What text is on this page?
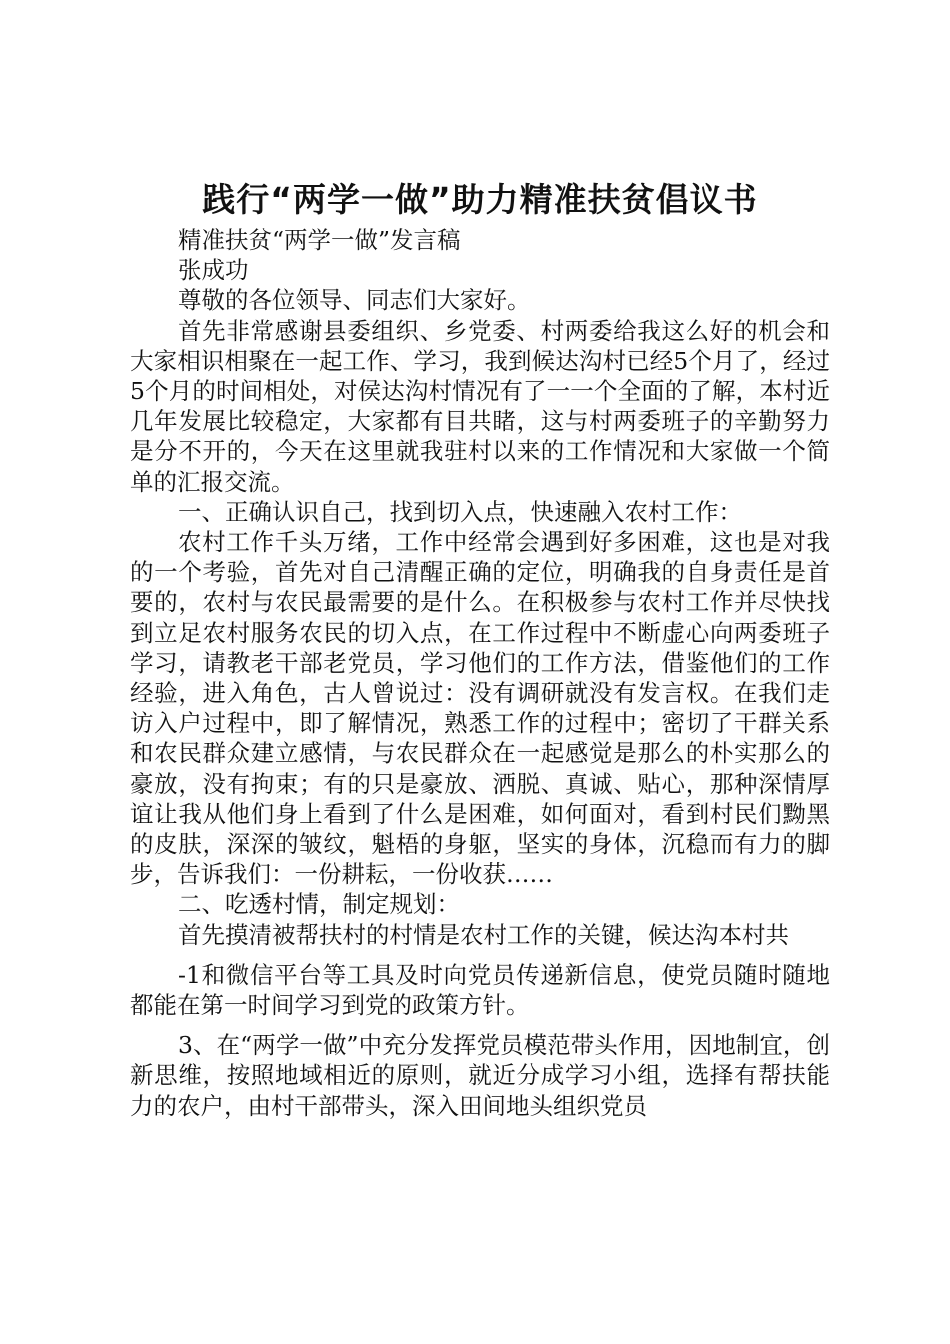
践行“两学一做”助力精准扶贫倡议书

精准扶贫“两学一做”发言稿

张成功

尊敬的各位领导、同志们大家好。

首先非常感谢县委组织、乡党委、村两委给我这么好的机会和大家相识相聚在一起工作、学习，我到候达沟村已经5个月了，经过5个月的时间相处，对侯达沟村情况有了一一个全面的了解，本村近几年发展比较稳定，大家都有目共睹，这与村两委班子的辛勤努力是分不开的，今天在这里就我驻村以来的工作情况和大家做一个简单的汇报交流。

一、正确认识自己，找到切入点，快速融入农村工作：

农村工作千头万绪，工作中经常会遇到好多困难，这也是对我的一个考验，首先对自己清醒正确的定位，明确我的自身责任是首要的，农村与农民最需要的是什么。在积极参与农村工作并尽快找到立足农村服务农民的切入点，在工作过程中不断虚心向两委班子学习，请教老干部老党员，学习他们的工作方法，借鉴他们的工作经验，进入角色，古人曾说过：没有调研就没有发言权。在我们走访入户过程中，即了解情况，熟悉工作的过程中；密切了干群关系和农民群众建立感情，与农民群众在一起感觉是那么的朴实那么的豪放，没有拘束；有的只是豪放、洒脱、真诚、贴心，那种深情厚谊让我从他们身上看到了什么是困难，如何面对，看到村民们黝黑的皮肤，深深的皱纹，魁梧的身躯，坚实的身体，沉稳而有力的脚步，告诉我们：一份耕耘，一份收获……

二、吃透村情，制定规划：

首先摸清被帮扶村的村情是农村工作的关键，候达沟本村共

-1和微信平台等工具及时向党员传递新信息，使党员随时随地都能在第一时间学习到党的政策方针。

3、在“两学一做”中充分发挥党员模范带头作用，因地制宜，创新思维，按照地域相近的原则，就近分成学习小组，选择有帮扶能力的农户，由村干部带头，深入田间地头组织党员
